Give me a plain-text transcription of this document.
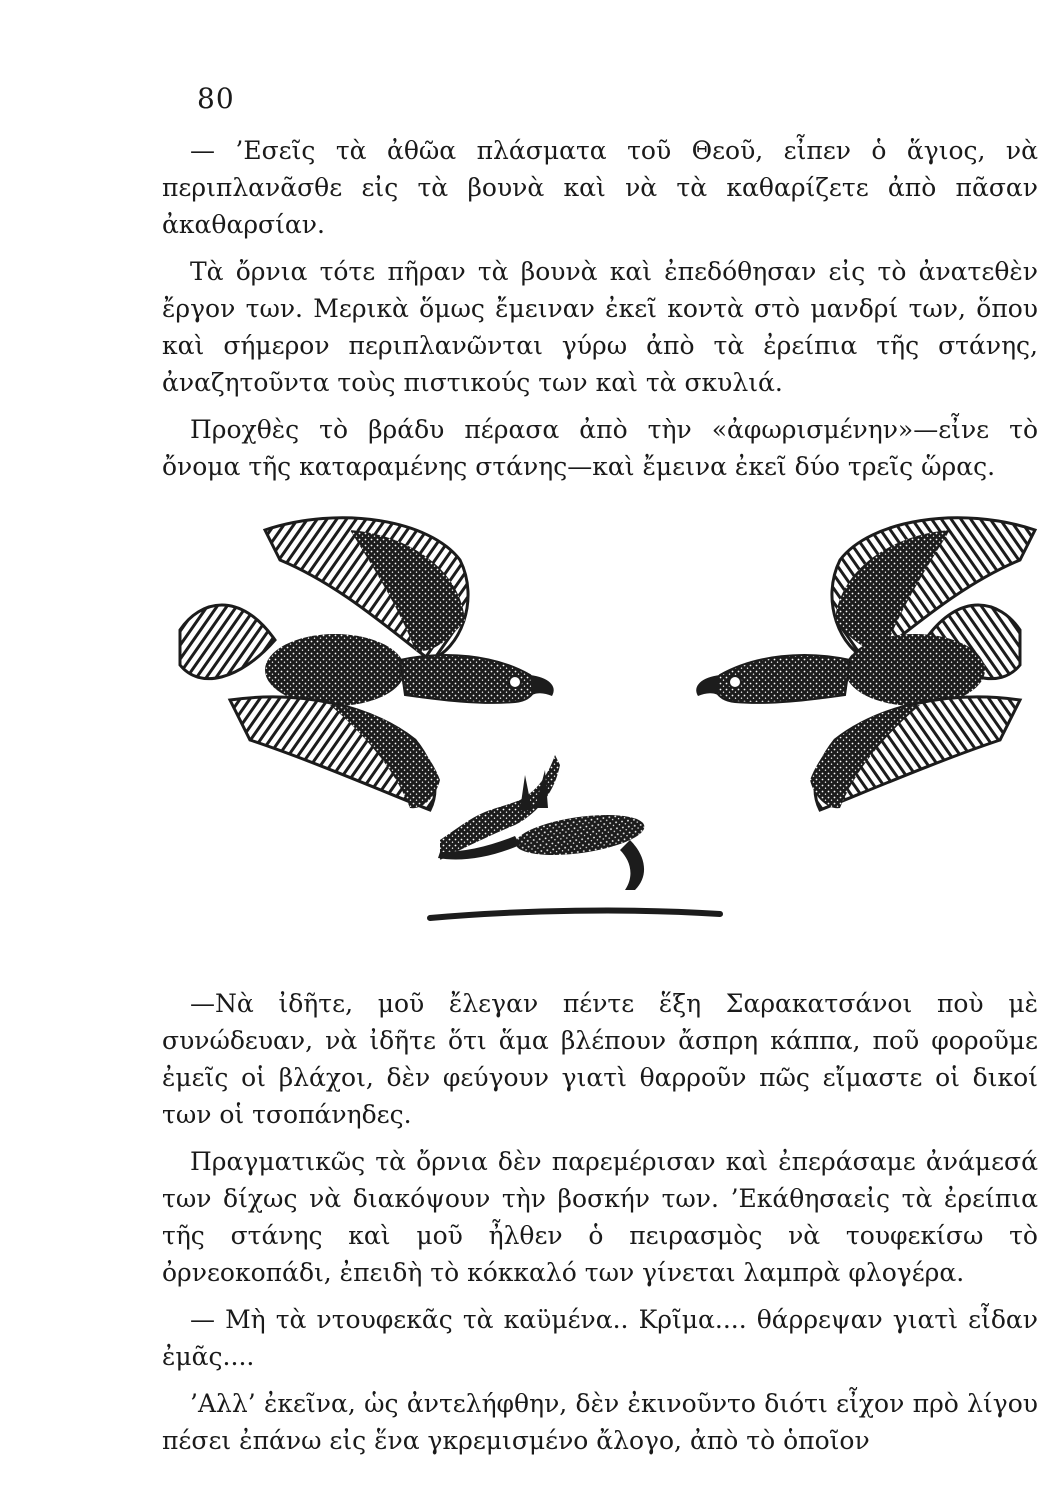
80

— ’Εσεῖς τὰ ἀθῶα πλάσματα τοῦ Θεοῦ, εἶπεν ὁ ἅγιος, νὰ περιπλανᾶσθε εἰς τὰ βουνὰ καὶ νὰ τὰ καθαρίζετε ἀπὸ πᾶσαν ἀκαθαρσίαν.

Τὰ ὄρνια τότε πῆραν τὰ βουνὰ καὶ ἐπεδόθησαν εἰς τὸ ἀνατεθὲν ἔργον των. Μερικὰ ὅμως ἔμειναν ἐκεῖ κοντὰ στὸ μανδρί των, ὅπου καὶ σήμερον περιπλανῶνται γύρω ἀπὸ τὰ ἐρείπια τῆς στάνης, ἀναζητοῦντα τοὺς πιστικούς των καὶ τὰ σκυλιά.

Προχθὲς τὸ βράδυ πέρασα ἀπὸ τὴν «ἀφωρισμένην»—εἶνε τὸ ὄνομα τῆς καταραμένης στάνης—καὶ ἔμεινα ἐκεῖ δύο τρεῖς ὥρας.

—Νὰ ἰδῆτε, μοῦ ἔλεγαν πέντε ἕξη Σαρακατσάνοι ποὺ μὲ συνώδευαν, νὰ ἰδῆτε ὅτι ἅμα βλέπουν ἄσπρη κάππα, ποῦ φοροῦμε ἐμεῖς οἱ βλάχοι, δὲν φεύγουν γιατὶ θαρροῦν πῶς εἴμαστε οἱ δικοί των οἱ τσοπάνηδες.

Πραγματικῶς τὰ ὄρνια δὲν παρεμέρισαν καὶ ἐπεράσαμε ἀνάμεσά των δίχως νὰ διακόψουν τὴν βοσκήν των. ’Εκάθησαεἰς τὰ ἐρείπια τῆς στάνης καὶ μοῦ ἦλθεν ὁ πειρασμὸς νὰ τουφεκίσω τὸ ὀρνεοκοπάδι, ἐπειδὴ τὸ κόκκαλό των γίνεται λαμπρὰ φλογέρα.

— Μὴ τὰ ντουφεκᾶς τὰ καϋμένα.. Κρῖμα.... θάρρεψαν γιατὶ εἶδαν ἐμᾶς....

’Αλλ’ ἐκεῖνα, ὡς ἀντελήφθην, δὲν ἐκινοῦντο διότι εἶχον πρὸ λίγου πέσει ἐπάνω εἰς ἕνα γκρεμισμένο ἄλογο, ἀπὸ τὸ ὁποῖον
